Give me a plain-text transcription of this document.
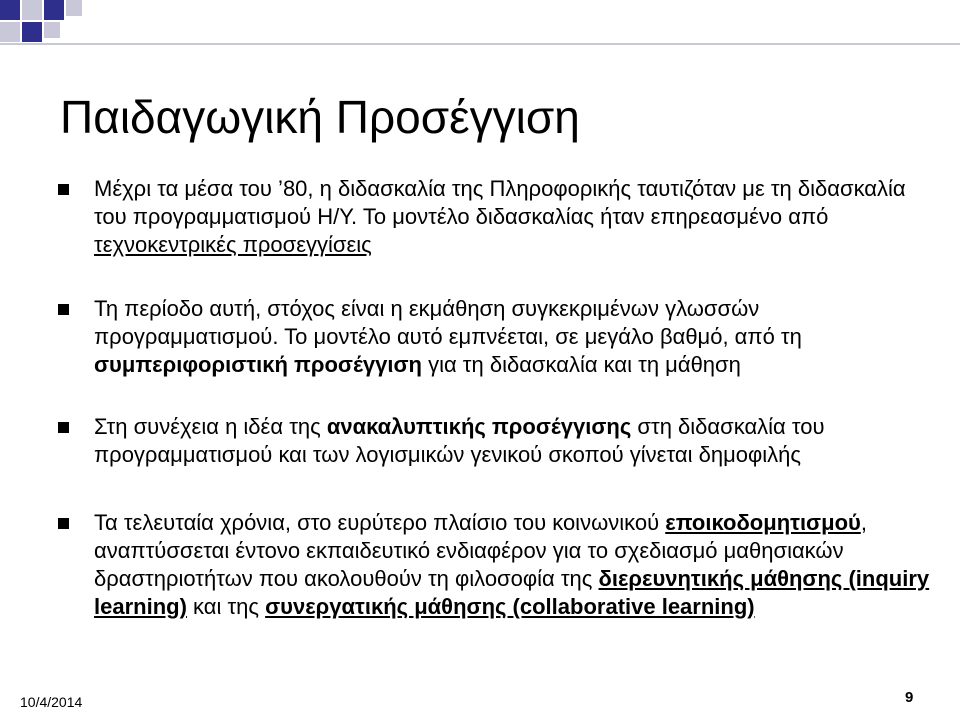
Παιδαγωγική Προσέγγιση
Μέχρι τα μέσα του ’80, η διδασκαλία της Πληροφορικής ταυτιζόταν με τη διδασκαλία του προγραμματισμού Η/Υ. Το μοντέλο διδασκαλίας ήταν επηρεασμένο από τεχνοκεντρικές προσεγγίσεις
Τη περίοδο αυτή, στόχος είναι η εκμάθηση συγκεκριμένων γλωσσών προγραμματισμού. Το μοντέλο αυτό εμπνέεται, σε μεγάλο βαθμό, από τη συμπεριφοριστική προσέγγιση για τη διδασκαλία και τη μάθηση
Στη συνέχεια η ιδέα της ανακαλυπτικής προσέγγισης στη διδασκαλία του προγραμματισμού και των λογισμικών γενικού σκοπού γίνεται δημοφιλής
Τα τελευταία χρόνια, στο ευρύτερο πλαίσιο του κοινωνικού εποικοδομητισμού, αναπτύσσεται έντονο εκπαιδευτικό ενδιαφέρον για το σχεδιασμό μαθησιακών δραστηριοτήτων που ακολουθούν τη φιλοσοφία της διερευνητικής μάθησης (inquiry learning) και της συνεργατικής μάθησης (collaborative learning)
10/4/2014	9
